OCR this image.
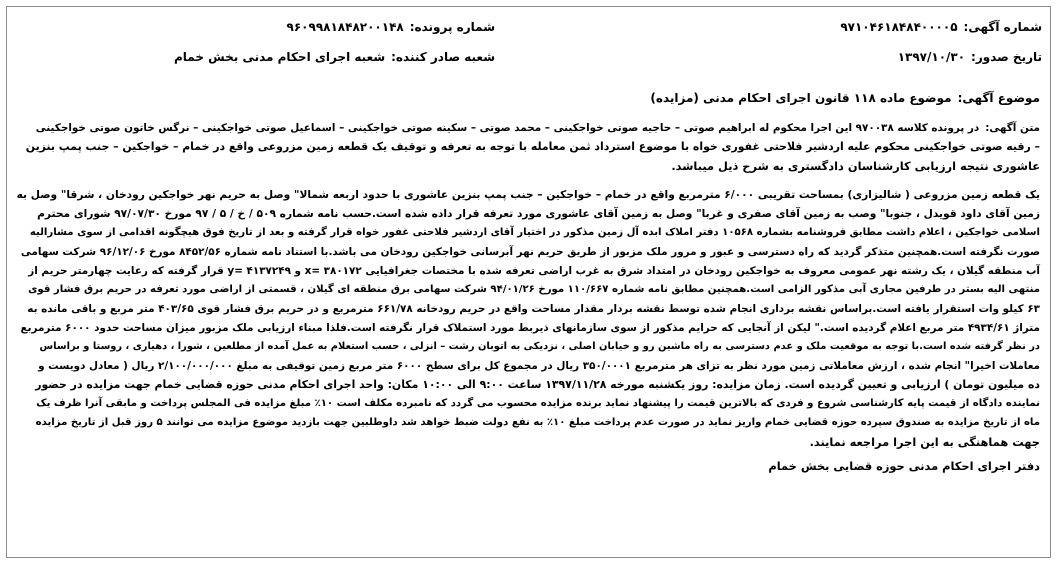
شماره آگهی:۹۷۱۰۴۶۱۸۴۸۴۰۰۰۰۵
شماره پرونده:۹۶۰۹۹۸۱۸۴۸۲۰۰۱۴۸
تاریخ صدور:۱۳۹۷/۱۰/۳۰
شعبه صادر کننده:شعبه اجرای احکام مدنی بخش خمام
موضوع آگهی:موضوع ماده ۱۱۸ قانون اجرای احکام مدنی (مزایده)
متن آگهی:در پرونده کلاسه ۹۷۰۰۳۸ این اجرا محکوم له ابراهیم صوتی – حاجیه صوتی خواجکینی – محمد صوتی – سکینه صوتی خواجکینی – اسماعیل صوتی خواجکینی – نرگس خاتون صوتی خواجکینی
– رقیه صوتی خواجکینی محکوم علیه اردشیر فلاحتی غفوری خواه با موضوع استرداد ثمن معامله با توجه به تعرفه و توقیف یک قطعه زمین مزروعی واقع در خمام – خواجکین – جنب پمپ بنزین
عاشوری نتیجه ارزیابی کارشناسان دادگستری به شرح ذیل میباشد.
یک قطعه زمین مزروعی ( شالیزاری) بمساحت تقریبی ۶/۰۰۰ مترمربع واقع در خمام – خواجکین – جنب پمپ بنزین عاشوری با حدود اربعه شمالا" وصل به حریم نهر خواجکین رودخان ، شرقا" وصل به
زمین آقای داود قویدل ، جنوبا" وصب به زمین آقای صفری و غربا" وصل به زمین آقای عاشوری مورد تعرفه قرار داده شده است.حسب نامه شماره ۵۰۹ / خ / ۵ / ۹۷ مورخ ۹۷/۰۷/۳۰ شورای محترم
اسلامی خواجکین ، اعلام داشت مطابق فروشنامه بشماره ۱۰۵۶۸ دفتر املاک ابده آل زمین مذکور در اختیار آقای اردشیر فلاحتی غفور خواه قرار گرفته و بعد از تاریخ فوق هیچگونه اقدامی از سوی مشارالیه
صورت نگرفته است.همچنین متذکر گردید که راه دسترسی و عبور و مرور ملک مزبور از طریق حریم نهر آبرسانی خواجکین رودخان می باشد.با استناد نامه شماره ۸۴۵۲/۵۶ مورخ ۹۶/۱۲/۰۶ شرکت سهامی
آب منطقه گیلان ، یک رشته نهر عمومی معروف به خواجکین رودخان در امتداد شرق به غرب اراضی تعرفه شده با مختصات جغرافیایی ۳۸۰۱۷۲ =x و ۴۱۳۷۲۴۹ =y قرار گرفته که رعایت چهارمتر حریم از
منتهی الیه بستر در طرفین مجاری آبی مذکور الزامی است.همچنین مطابق نامه شماره ۱۱۰/۶۶۷ مورخ ۹۴/۰۱/۲۶ شرکت سهامی برق منطقه ای گیلان ، قسمتی از اراضی مورد تعرفه در حریم برق فشار قوی
۶۳ کیلو وات استقرار یافته است.براساس نقشه برداری انجام شده توسط نقشه بردار مقدار مساحت واقع در حریم رودخانه ۶۶۱/۷۸ مترمربع و در حریم برق فشار قوی ۴۰۳/۶۵ متر مربع و باقی مانده به
متراژ ۴۹۳۴/۶۱ متر مربع اعلام گردیده است." لیکن از آنجایی که حرایم مذکور از سوی سازمانهای ذیربط مورد استملاک قرار نگرفته است.فلذا مبناء ارزیابی ملک مزبور میزان مساحت حدود ۶۰۰۰ مترمربع
در نظر گرفته شده است.با توجه به موقعیت ملک و عدم دسترسی به راه ماشین رو و خیابان اصلی ، نزدیکی به اتوبان رشت – انزلی ، حسب استعلام به عمل آمده از مطلعین ، شورا ، دهیاری ، روستا و براساس
معاملات اخیرا" انجام شده ، ارزش معاملاتی زمین مورد نظر به تزای هر مترمربع ۳۵۰/۰۰۰۱ ریال در مجموع کل برای سطح ۶۰۰۰ متر مربع زمین توقیفی به مبلغ ۲/۱۰۰/۰۰۰/۰۰۰ ریال ( معادل دویست و
ده میلیون تومان ) ارزیابی و تعیین گردیده است. زمان مزایده: روز یکشنبه مورخه ۱۳۹۷/۱۱/۲۸ ساعت ۹:۰۰ الی ۱۰:۰۰ مکان: واحد اجرای احکام مدنی حوزه قضایی خمام جهت مزایده در حضور
نماینده دادگاه از قیمت پایه کارشناسی شروع و فردی که بالاترین قیمت را پیشنهاد نماید برنده مزایده محسوب می گردد که نامبرده مکلف است ۱۰٪ مبلغ مزایده فی المجلس پرداخت و مابقی آنرا ظرف یک
ماه از تاریخ مزایده به صندوق سپرده حوزه قضایی خمام واریز نماید در صورت عدم پرداخت مبلغ ۱۰٪ به نفع دولت ضبط خواهد شد داوطلبین جهت بازدید موضوع مزایده می توانند ۵ روز قبل از تاریخ مزایده
جهت هماهنگی به این اجرا مراجعه نمایند.
دفتر اجرای احکام مدنی حوزه قضایی بخش خمام
